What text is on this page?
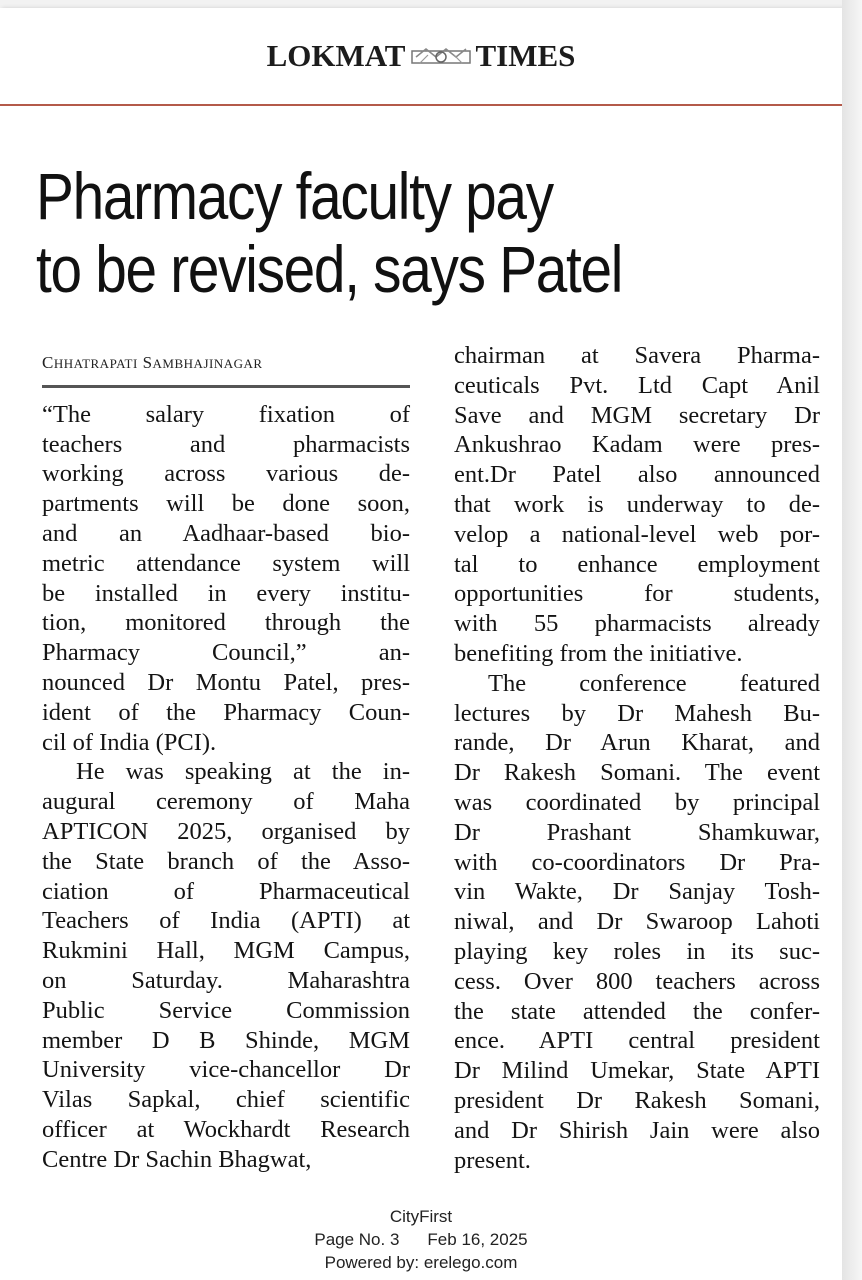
LOKMAT TIMES
Pharmacy faculty pay
to be revised, says Patel
CHHATRAPATI SAMBHAJINAGAR
“The salary fixation of
teachers and pharmacists
working across various de-
partments will be done soon,
and an Aadhaar-based bio-
metric attendance system will
be installed in every institu-
tion, monitored through the
Pharmacy Council,” an-
nounced Dr Montu Patel, pres-
ident of the Pharmacy Coun-
cil of India (PCI).
He was speaking at the in-
augural ceremony of Maha
APTICON 2025, organised by
the State branch of the Asso-
ciation of Pharmaceutical
Teachers of India (APTI) at
Rukmini Hall, MGM Campus,
on Saturday. Maharashtra
Public Service Commission
member D B Shinde, MGM
University vice-chancellor Dr
Vilas Sapkal, chief scientific
officer at Wockhardt Research
Centre Dr Sachin Bhagwat,
chairman at Savera Pharma-
ceuticals Pvt. Ltd Capt Anil
Save and MGM secretary Dr
Ankushrao Kadam were pres-
ent.Dr Patel also announced
that work is underway to de-
velop a national-level web por-
tal to enhance employment
opportunities for students,
with 55 pharmacists already
benefiting from the initiative.
The conference featured
lectures by Dr Mahesh Bu-
rande, Dr Arun Kharat, and
Dr Rakesh Somani. The event
was coordinated by principal
Dr Prashant Shamkuwar,
with co-coordinators Dr Pra-
vin Wakte, Dr Sanjay Tosh-
niwal, and Dr Swaroop Lahoti
playing key roles in its suc-
cess. Over 800 teachers across
the state attended the confer-
ence. APTI central president
Dr Milind Umekar, State APTI
president Dr Rakesh Somani,
and Dr Shirish Jain were also
present.
CityFirst
Page No. 3 Feb 16, 2025
Powered by: erelego.com
